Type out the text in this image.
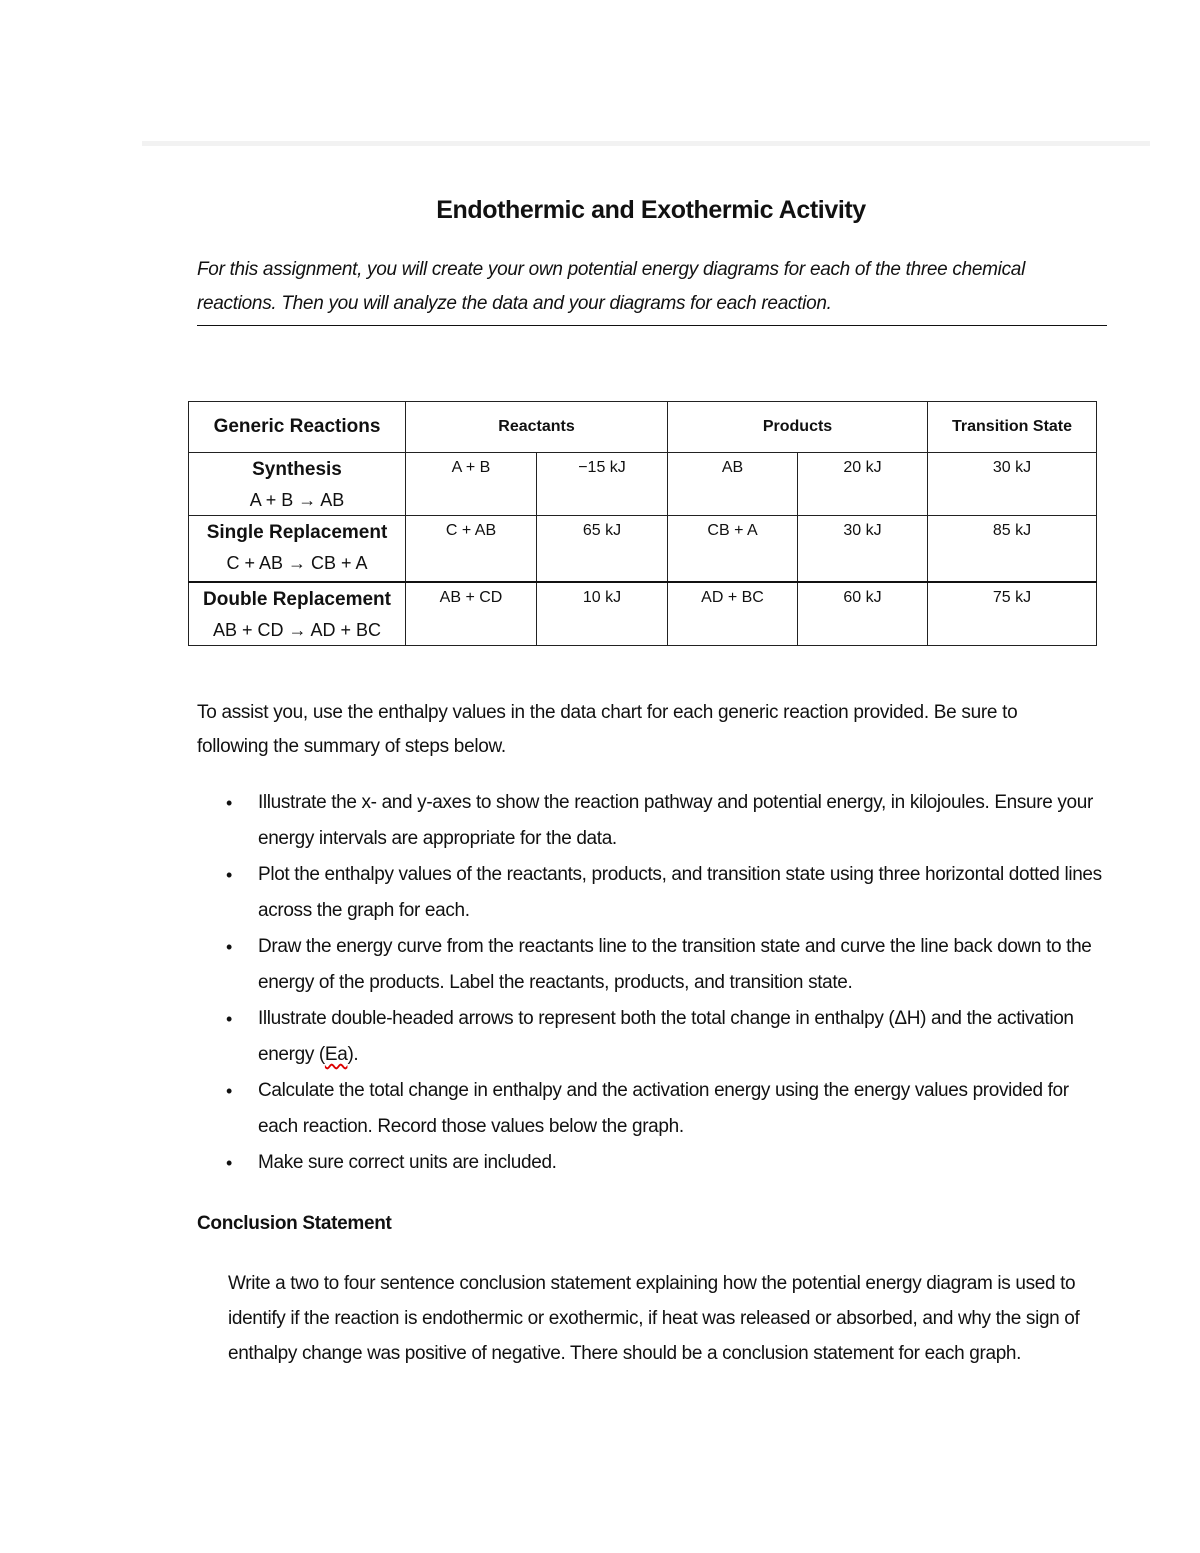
Endothermic and Exothermic Activity
For this assignment, you will create your own potential energy diagrams for each of the three chemical reactions. Then you will analyze the data and your diagrams for each reaction.
Generic Reactions	Reactants		Products		Transition State

Synthesis
A + B → AB	A + B	−15 kJ	AB	20 kJ	30 kJ

Single Replacement
C + AB → CB + A	C + AB	65 kJ	CB + A	30 kJ	85 kJ

Double Replacement
AB + CD → AD + BC	AB + CD	10 kJ	AD + BC	60 kJ	75 kJ
To assist you, use the enthalpy values in the data chart for each generic reaction provided. Be sure to following the summary of steps below.
• Illustrate the x- and y-axes to show the reaction pathway and potential energy, in kilojoules. Ensure your energy intervals are appropriate for the data.
• Plot the enthalpy values of the reactants, products, and transition state using three horizontal dotted lines across the graph for each.
• Draw the energy curve from the reactants line to the transition state and curve the line back down to the energy of the products. Label the reactants, products, and transition state.
• Illustrate double-headed arrows to represent both the total change in enthalpy (ΔH) and the activation energy (Ea).
• Calculate the total change in enthalpy and the activation energy using the energy values provided for each reaction. Record those values below the graph.
• Make sure correct units are included.
Conclusion Statement
Write a two to four sentence conclusion statement explaining how the potential energy diagram is used to identify if the reaction is endothermic or exothermic, if heat was released or absorbed, and why the sign of enthalpy change was positive of negative. There should be a conclusion statement for each graph.
